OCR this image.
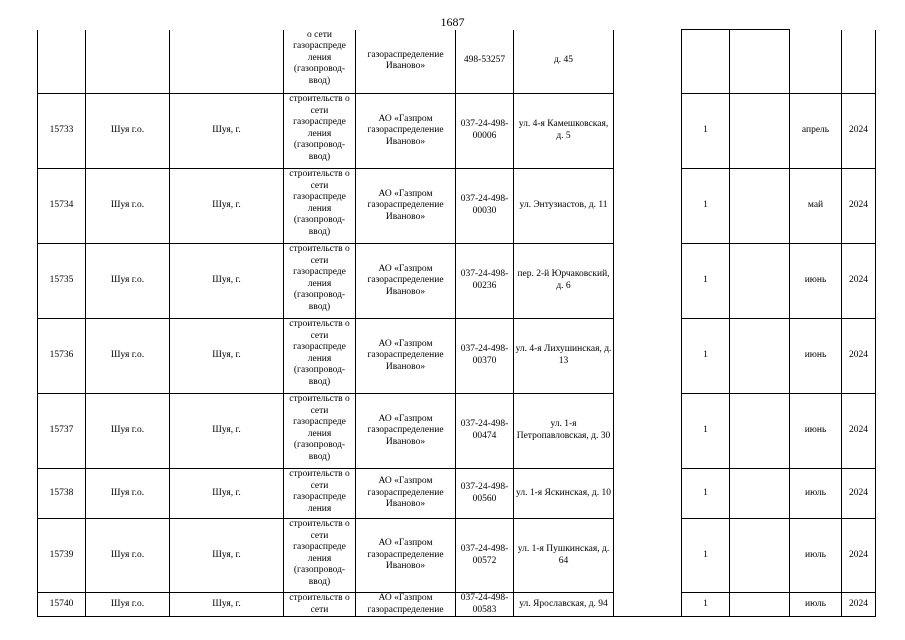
1687
			о сети газораспреде ления (газопровод-ввод)	газораспределение Иваново»	498-53257	д. 45					
15733	Шуя г.о.	Шуя, г.	строительств о сети газораспреде ления (газопровод-ввод)	АО «Газпром газораспределение Иваново»	037-24-498-00006	ул. 4-я Камешковская, д. 5		1		апрель	2024
15734	Шуя г.о.	Шуя, г.	строительств о сети газораспреде ления (газопровод-ввод)	АО «Газпром газораспределение Иваново»	037-24-498-00030	ул. Энтузиастов, д. 11		1		май	2024
15735	Шуя г.о.	Шуя, г.	строительств о сети газораспреде ления (газопровод-ввод)	АО «Газпром газораспределение Иваново»	037-24-498-00236	пер. 2-й Юрчаковский, д. 6		1		июнь	2024
15736	Шуя г.о.	Шуя, г.	строительств о сети газораспреде ления (газопровод-ввод)	АО «Газпром газораспределение Иваново»	037-24-498-00370	ул. 4-я Лихушинская, д. 13		1		июнь	2024
15737	Шуя г.о.	Шуя, г.	строительств о сети газораспреде ления (газопровод-ввод)	АО «Газпром газораспределение Иваново»	037-24-498-00474	ул. 1-я Петропавловская, д. 30		1		июнь	2024
15738	Шуя г.о.	Шуя, г.	строительств о сети газораспреде ления	АО «Газпром газораспределение Иваново»	037-24-498-00560	ул. 1-я Яскинская, д. 10		1		июль	2024
15739	Шуя г.о.	Шуя, г.	строительств о сети газораспреде ления (газопровод-ввод)	АО «Газпром газораспределение Иваново»	037-24-498-00572	ул. 1-я Пушкинская, д. 64		1		июль	2024
15740	Шуя г.о.	Шуя, г.	строительств о сети	АО «Газпром газораспределение	037-24-498-00583	ул. Ярославская, д. 94		1		июль	2024
